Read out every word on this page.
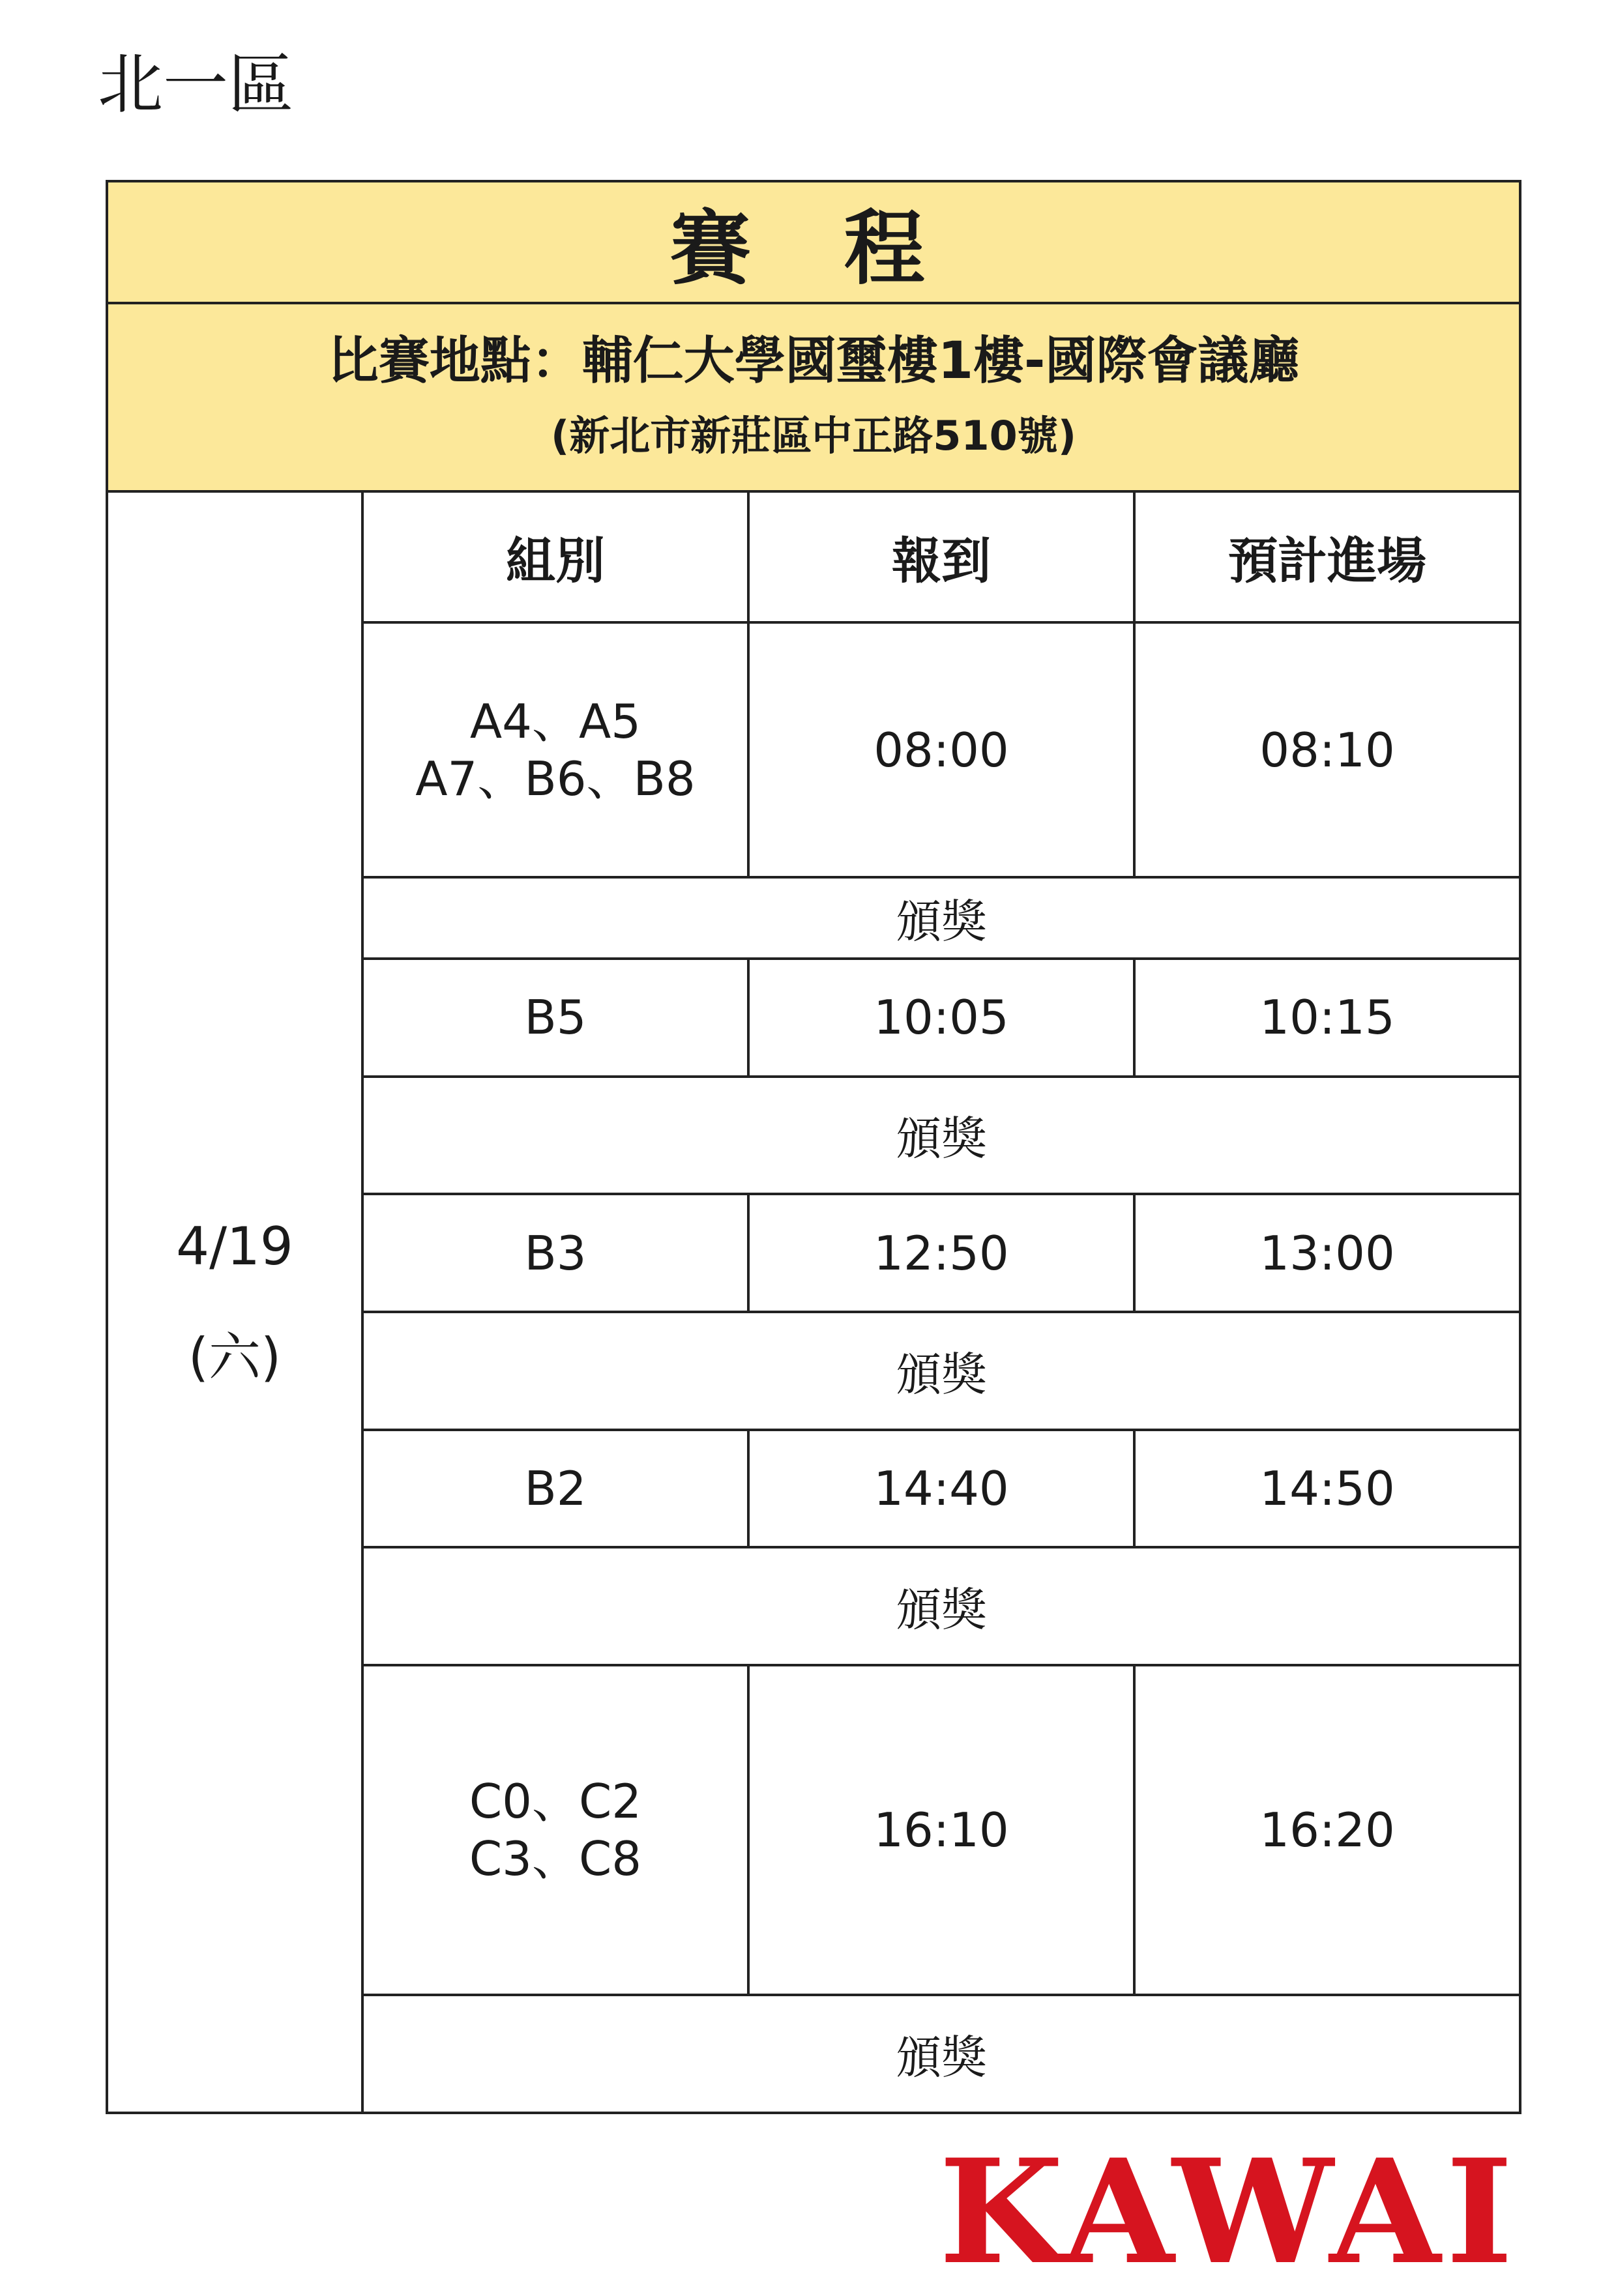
北一區
賽 程			

比賽地點：輔仁大學國璽樓1樓-國際會議廳
(新北市新莊區中正路510號)			

4/19
(六)	組別	報到	預計進場

	A4、A5
A7、B6、B8	08:00	08:10
	頒獎		
	B5	10:05	10:15
	頒獎		
	B3	12:50	13:00
	頒獎		
	B2	14:40	14:50
	頒獎		

	C0、C2
C3、C8	16:10	16:20
	頒獎		
KAWAI
